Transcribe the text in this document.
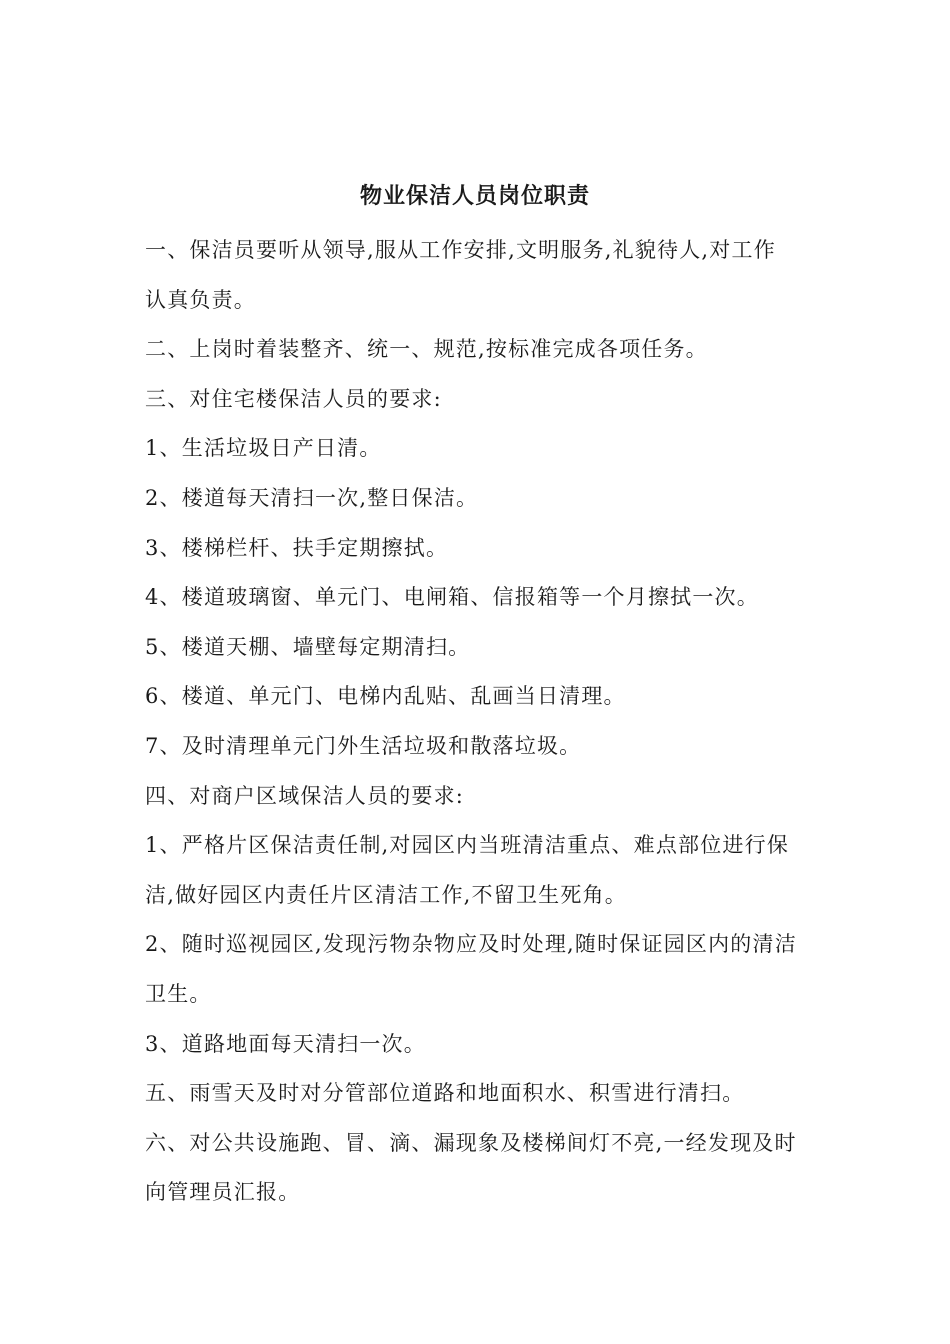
物业保洁人员岗位职责
一、保洁员要听从领导,服从工作安排,文明服务,礼貌待人,对工作
认真负责。
二、上岗时着装整齐、统一、规范,按标准完成各项任务。
三、对住宅楼保洁人员的要求:
1、生活垃圾日产日清。
2、楼道每天清扫一次,整日保洁。
3、楼梯栏杆、扶手定期擦拭。
4、楼道玻璃窗、单元门、电闸箱、信报箱等一个月擦拭一次。
5、楼道天棚、墙壁每定期清扫。
6、楼道、单元门、电梯内乱贴、乱画当日清理。
7、及时清理单元门外生活垃圾和散落垃圾。
四、对商户区域保洁人员的要求:
1、严格片区保洁责任制,对园区内当班清洁重点、难点部位进行保
洁,做好园区内责任片区清洁工作,不留卫生死角。
2、随时巡视园区,发现污物杂物应及时处理,随时保证园区内的清洁
卫生。
3、道路地面每天清扫一次。
五、雨雪天及时对分管部位道路和地面积水、积雪进行清扫。
六、对公共设施跑、冒、滴、漏现象及楼梯间灯不亮,一经发现及时
向管理员汇报。
